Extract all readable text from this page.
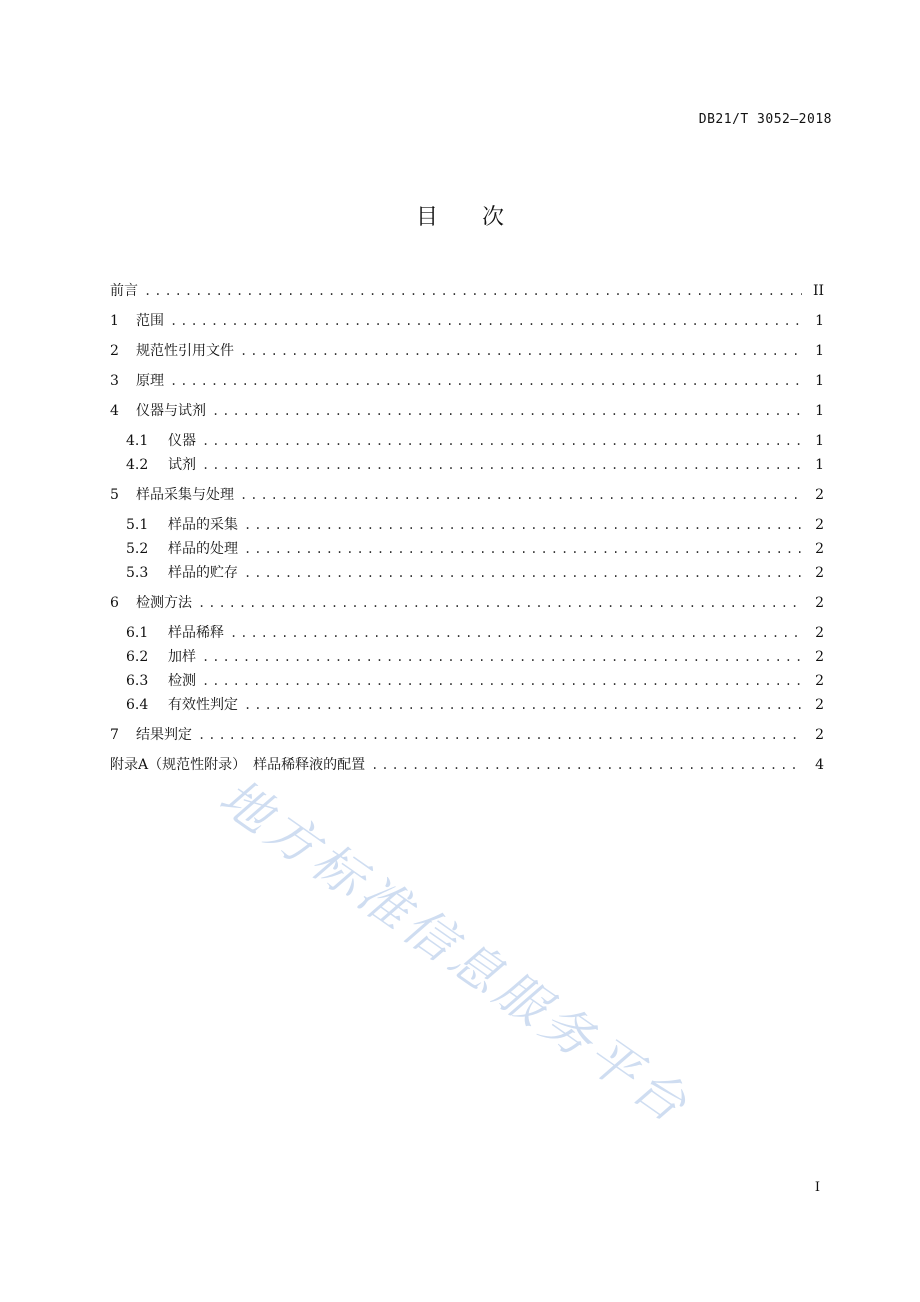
DB21/T 3052—2018
目　　次
前言 .....	II
1	范围 .....	1
2	规范性引用文件 .....	1
3	原理 .....	1
4	仪器与试剂 .....	1
4.1	仪器 .....	1
4.2	试剂 .....	1
5	样品采集与处理 .....	2
5.1	样品的采集 .....	2
5.2	样品的处理 .....	2
5.3	样品的贮存 .....	2
6	检测方法 .....	2
6.1	样品稀释 .....	2
6.2	加样 .....	2
6.3	检测 .....	2
6.4	有效性判定 .....	2
7	结果判定 .....	2
附录A（规范性附录）　样品稀释液的配置 .....	4
地方标准信息服务平台
I
